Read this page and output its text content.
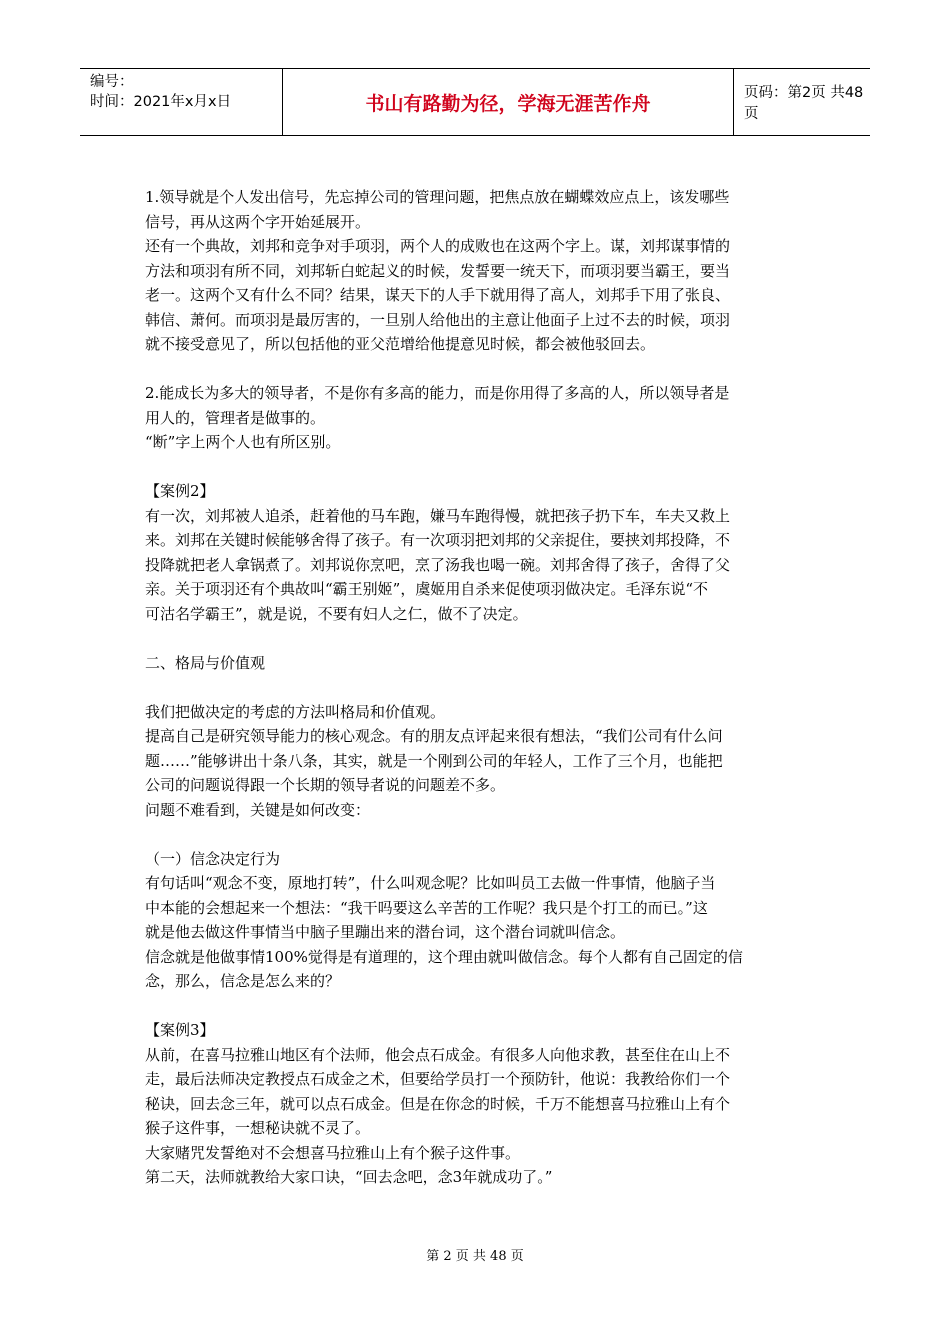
编号：
时间：2021年x月x日	书山有路勤为径，学海无涯苦作舟	页码：第2页 共48页
1.领导就是个人发出信号，先忘掉公司的管理问题，把焦点放在蝴蝶效应点上，该发哪些
信号，再从这两个字开始延展开。
还有一个典故，刘邦和竞争对手项羽，两个人的成败也在这两个字上。谋，刘邦谋事情的
方法和项羽有所不同，刘邦斩白蛇起义的时候，发誓要一统天下，而项羽要当霸王，要当
老一。这两个又有什么不同？结果，谋天下的人手下就用得了高人，刘邦手下用了张良、
韩信、萧何。而项羽是最厉害的，一旦别人给他出的主意让他面子上过不去的时候，项羽
就不接受意见了，所以包括他的亚父范增给他提意见时候，都会被他驳回去。
2.能成长为多大的领导者，不是你有多高的能力，而是你用得了多高的人，所以领导者是
用人的，管理者是做事的。
“断”字上两个人也有所区别。
【案例2】
有一次，刘邦被人追杀，赶着他的马车跑，嫌马车跑得慢，就把孩子扔下车，车夫又救上
来。刘邦在关键时候能够舍得了孩子。有一次项羽把刘邦的父亲捉住，要挟刘邦投降，不
投降就把老人拿锅煮了。刘邦说你烹吧，烹了汤我也喝一碗。刘邦舍得了孩子，舍得了父
亲。关于项羽还有个典故叫“霸王别姬”，虞姬用自杀来促使项羽做决定。毛泽东说“不
可沽名学霸王”，就是说，不要有妇人之仁，做不了决定。
二、格局与价值观
我们把做决定的考虑的方法叫格局和价值观。
提高自己是研究领导能力的核心观念。有的朋友点评起来很有想法，“我们公司有什么问
题……”能够讲出十条八条，其实，就是一个刚到公司的年轻人，工作了三个月，也能把
公司的问题说得跟一个长期的领导者说的问题差不多。
问题不难看到，关键是如何改变：
（一）信念决定行为
有句话叫“观念不变，原地打转”，什么叫观念呢？比如叫员工去做一件事情，他脑子当
中本能的会想起来一个想法：“我干吗要这么辛苦的工作呢？我只是个打工的而已。”这
就是他去做这件事情当中脑子里蹦出来的潜台词，这个潜台词就叫信念。
信念就是他做事情100%觉得是有道理的，这个理由就叫做信念。每个人都有自己固定的信
念，那么，信念是怎么来的？
【案例3】
从前，在喜马拉雅山地区有个法师，他会点石成金。有很多人向他求教，甚至住在山上不
走，最后法师决定教授点石成金之术，但要给学员打一个预防针，他说：我教给你们一个
秘诀，回去念三年，就可以点石成金。但是在你念的时候，千万不能想喜马拉雅山上有个
猴子这件事，一想秘诀就不灵了。
大家赌咒发誓绝对不会想喜马拉雅山上有个猴子这件事。
第二天，法师就教给大家口诀，“回去念吧，念3年就成功了。”
第 2 页 共 48 页
